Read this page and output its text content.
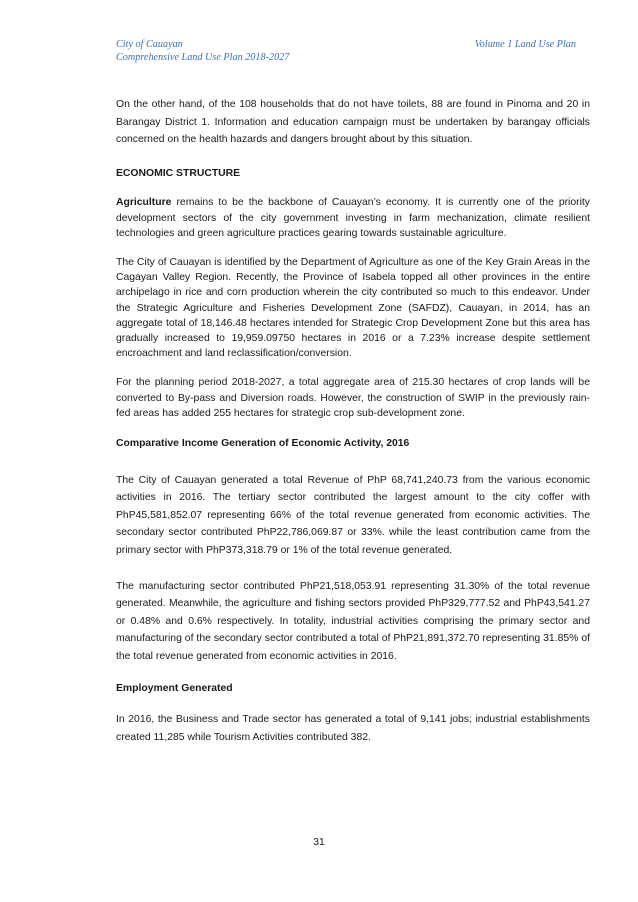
City of Cauayan
Comprehensive Land Use Plan 2018-2027
Volume 1 Land Use Plan

On the other hand, of the 108 households that do not have toilets, 88 are found in Pinoma and 20 in Barangay District 1. Information and education campaign must be undertaken by barangay officials concerned on the health hazards and dangers brought about by this situation.

ECONOMIC STRUCTURE

Agriculture remains to be the backbone of Cauayan’s economy. It is currently one of the priority development sectors of the city government investing in farm mechanization, climate resilient technologies and green agriculture practices gearing towards sustainable agriculture.

The City of Cauayan is identified by the Department of Agriculture as one of the Key Grain Areas in the Cagayan Valley Region. Recently, the Province of Isabela topped all other provinces in the entire archipelago in rice and corn production wherein the city contributed so much to this endeavor. Under the Strategic Agriculture and Fisheries Development Zone (SAFDZ), Cauayan, in 2014, has an aggregate total of 18,146.48 hectares intended for Strategic Crop Development Zone but this area has gradually increased to 19,959.09750 hectares in 2016 or a 7.23% increase despite settlement encroachment and land reclassification/conversion.

For the planning period 2018-2027, a total aggregate area of 215.30 hectares of crop lands will be converted to By-pass and Diversion roads. However, the construction of SWIP in the previously rain-fed areas has added 255 hectares for strategic crop sub-development zone.

Comparative Income Generation of Economic Activity, 2016

The City of Cauayan generated a total Revenue of PhP 68,741,240.73 from the various economic activities in 2016. The tertiary sector contributed the largest amount to the city coffer with PhP45,581,852.07 representing 66% of the total revenue generated from economic activities. The secondary sector contributed PhP22,786,069.87 or 33%. while the least contribution came from the primary sector with PhP373,318.79 or 1% of the total revenue generated.

The manufacturing sector contributed PhP21,518,053.91 representing 31.30% of the total revenue generated. Meanwhile, the agriculture and fishing sectors provided PhP329,777.52 and PhP43,541.27 or 0.48% and 0.6% respectively. In totality, industrial activities comprising the primary sector and manufacturing of the secondary sector contributed a total of PhP21,891,372.70 representing 31.85% of the total revenue generated from economic activities in 2016.

Employment Generated

In 2016, the Business and Trade sector has generated a total of 9,141 jobs; industrial establishments created 11,285 while Tourism Activities contributed 382.

31
